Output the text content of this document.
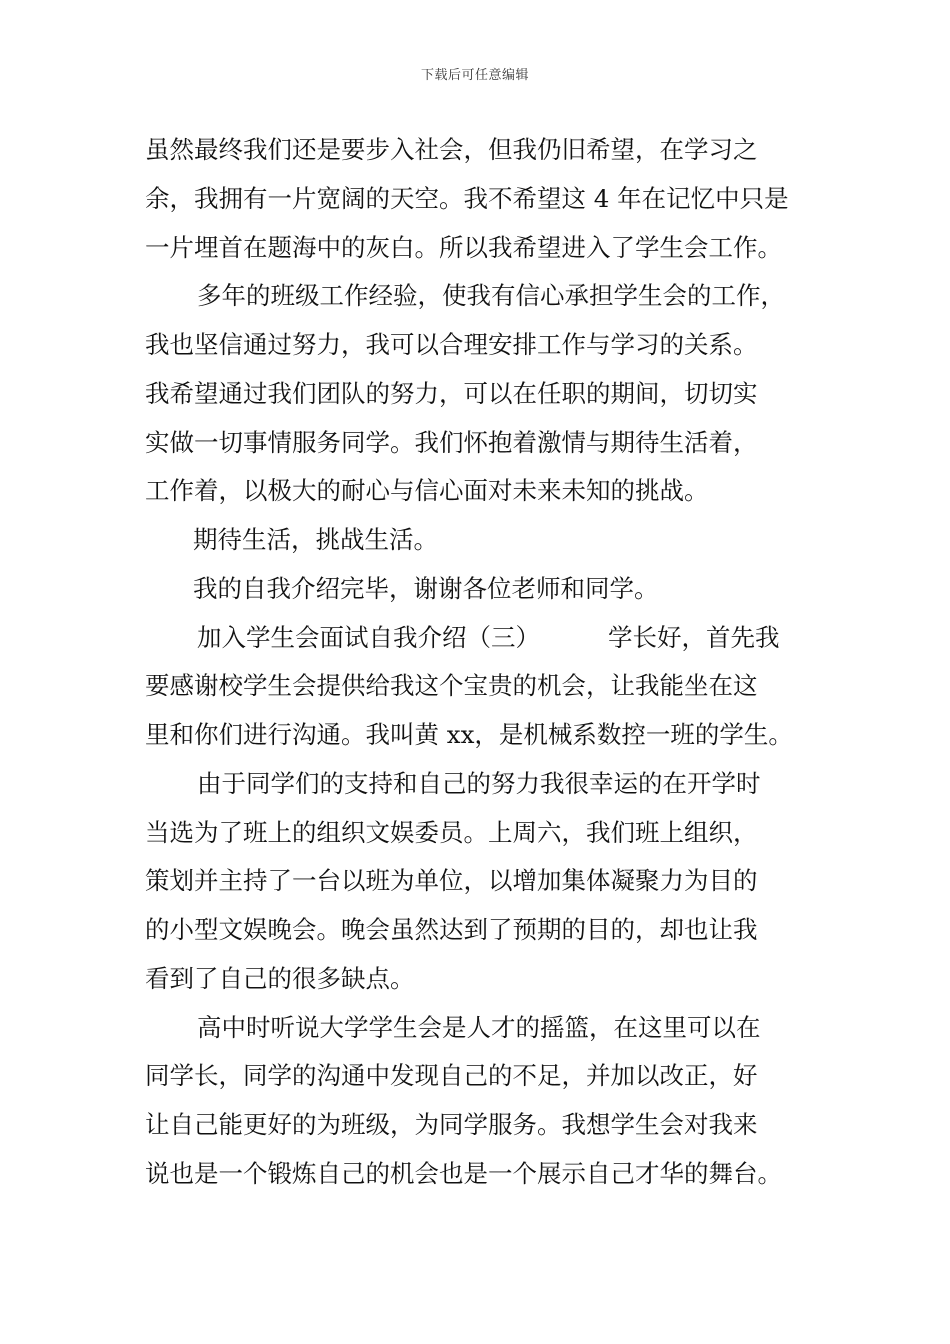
下载后可任意编辑
虽然最终我们还是要步入社会，但我仍旧希望，在学习之
余，我拥有一片宽阔的天空。我不希望这 4 年在记忆中只是
一片埋首在题海中的灰白。所以我希望进入了学生会工作。
多年的班级工作经验，使我有信心承担学生会的工作，
我也坚信通过努力，我可以合理安排工作与学习的关系。
我希望通过我们团队的努力，可以在任职的期间，切切实
实做一切事情服务同学。我们怀抱着激情与期待生活着，
工作着，以极大的耐心与信心面对未来未知的挑战。
期待生活，挑战生活。
我的自我介绍完毕，谢谢各位老师和同学。
加入学生会面试自我介绍（三）	学长好，首先我
要感谢校学生会提供给我这个宝贵的机会，让我能坐在这
里和你们进行沟通。我叫黄 xx，是机械系数控一班的学生。
由于同学们的支持和自己的努力我很幸运的在开学时
当选为了班上的组织文娱委员。上周六，我们班上组织，
策划并主持了一台以班为单位，以增加集体凝聚力为目的
的小型文娱晚会。晚会虽然达到了预期的目的，却也让我
看到了自己的很多缺点。
高中时听说大学学生会是人才的摇篮，在这里可以在
同学长，同学的沟通中发现自己的不足，并加以改正，好
让自己能更好的为班级，为同学服务。我想学生会对我来
说也是一个锻炼自己的机会也是一个展示自己才华的舞台。
